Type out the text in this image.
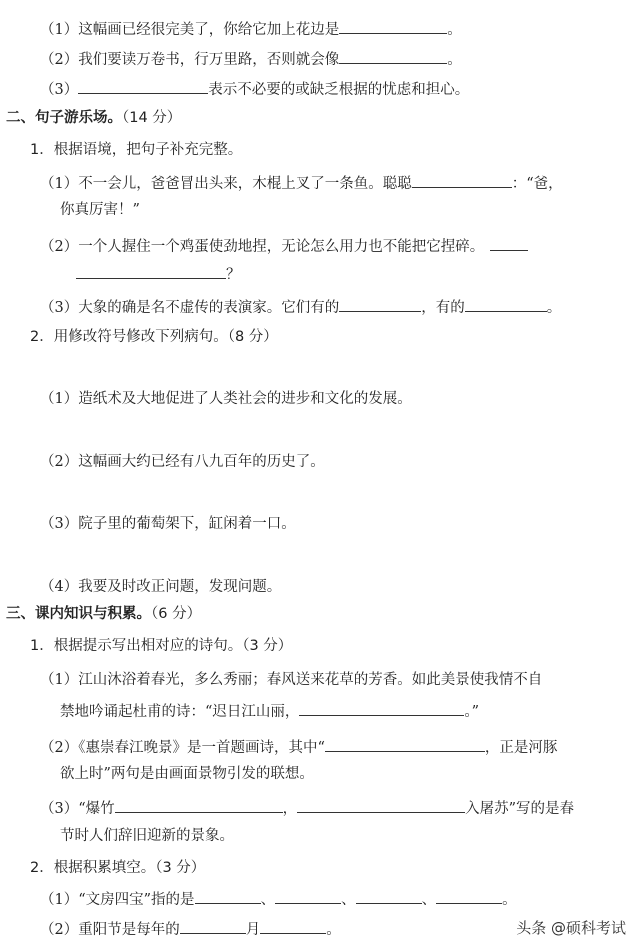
（1）这幅画已经很完美了，你给它加上花边是	。
（2）我们要读万卷书，行万里路，否则就会像	。
（3）	表示不必要的或缺乏根据的忧虑和担心。
二、句子游乐场。（14 分）
1．根据语境，把句子补充完整。
（1）不一会儿，爸爸冒出头来，木棍上叉了一条鱼。聪聪	：“爸，
你真厉害！”
（2）一个人握住一个鸡蛋使劲地捏，无论怎么用力也不能把它捏碎。
？
（3）大象的确是名不虚传的表演家。它们有的	，有的	。
2．用修改符号修改下列病句。（8 分）
（1）造纸术及大地促进了人类社会的进步和文化的发展。
（2）这幅画大约已经有八九百年的历史了。
（3）院子里的葡萄架下，缸闲着一口。
（4）我要及时改正问题，发现问题。
三、课内知识与积累。（6 分）
1．根据提示写出相对应的诗句。（3 分）
（1）江山沐浴着春光，多么秀丽；春风送来花草的芳香。如此美景使我情不自
禁地吟诵起杜甫的诗：“迟日江山丽，	。”
（2）《惠崇春江晚景》是一首题画诗，其中“	，正是河豚
欲上时”两句是由画面景物引发的联想。
（3）“爆竹	，	入屠苏”写的是春
节时人们辞旧迎新的景象。
2．根据积累填空。（3 分）
（1）“文房四宝”指的是	、	、	、	。
（2）重阳节是每年的	月	。	头条 @硕科考试
